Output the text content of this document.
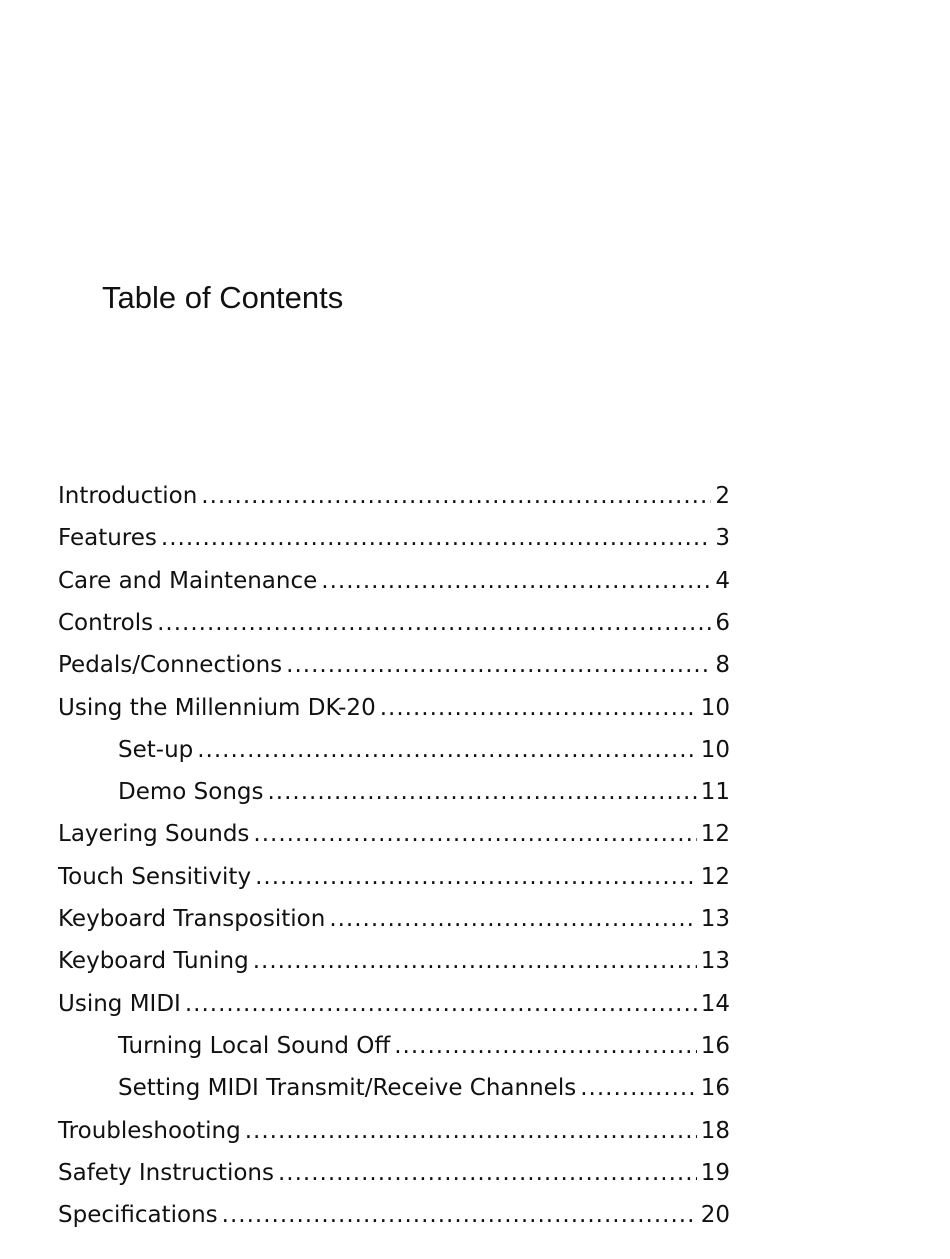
Table of Contents
Introduction .....	2
Features .....	3
Care and Maintenance .....	4
Controls .....	6
Pedals/Connections .....	8
Using the Millennium DK-20 .....	10
Set-up .....	10
Demo Songs .....	11
Layering Sounds .....	12
Touch Sensitivity .....	12
Keyboard Transposition .....	13
Keyboard Tuning .....	13
Using MIDI .....	14
Turning Local Sound Off .....	16
Setting MIDI Transmit/Receive Channels .....	16
Troubleshooting .....	18
Safety Instructions .....	19
Specifications .....	20
